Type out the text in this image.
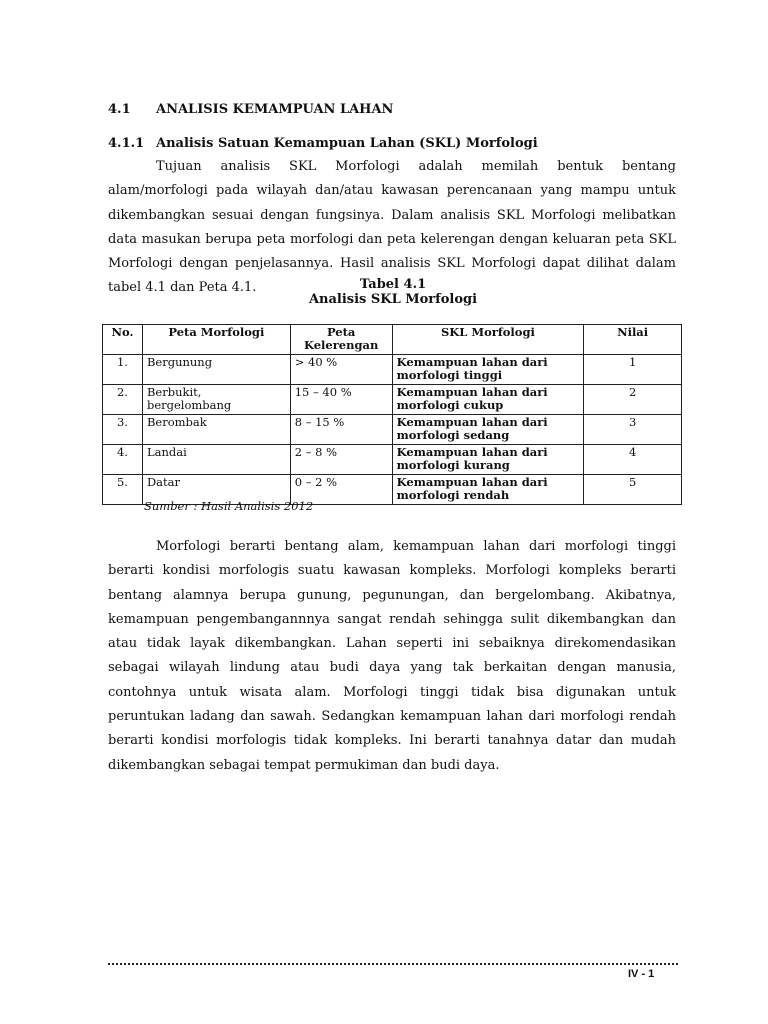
4.1 ANALISIS KEMAMPUAN LAHAN
4.1.1 Analisis Satuan Kemampuan Lahan (SKL) Morfologi

Tujuan analisis SKL Morfologi adalah memilah bentuk bentang alam/morfologi pada wilayah dan/atau kawasan perencanaan yang mampu untuk dikembangkan sesuai dengan fungsinya. Dalam analisis SKL Morfologi melibatkan data masukan berupa peta morfologi dan peta kelerengan dengan keluaran peta SKL Morfologi dengan penjelasannya. Hasil analisis SKL Morfologi dapat dilihat dalam tabel 4.1 dan Peta 4.1.	Tabel 4.1
Analisis SKL Morfologi
No.	Peta Morfologi	Peta Kelerengan	SKL Morfologi	Nilai
1.	Bergunung	> 40 %	Kemampuan lahan dari morfologi tinggi	1
2.	Berbukit, bergelombang	15 – 40 %	Kemampuan lahan dari morfologi cukup	2
3.	Berombak	8 – 15 %	Kemampuan lahan dari morfologi sedang	3
4.	Landai	2 – 8 %	Kemampuan lahan dari morfologi kurang	4
5.	Datar	0 – 2 %	Kemampuan lahan dari morfologi rendah	5
Sumber : Hasil Analisis 2012

Morfologi berarti bentang alam, kemampuan lahan dari morfologi tinggi berarti kondisi morfologis suatu kawasan kompleks. Morfologi kompleks berarti bentang alamnya berupa gunung, pegunungan, dan bergelombang. Akibatnya, kemampuan pengembangannnya sangat rendah sehingga sulit dikembangkan dan atau tidak layak dikembangkan. Lahan seperti ini sebaiknya direkomendasikan sebagai wilayah lindung atau budi daya yang tak berkaitan dengan manusia, contohnya untuk wisata alam. Morfologi tinggi tidak bisa digunakan untuk peruntukan ladang dan sawah. Sedangkan kemampuan lahan dari morfologi rendah berarti kondisi morfologis tidak kompleks. Ini berarti tanahnya datar dan mudah dikembangkan sebagai tempat permukiman dan budi daya.

IV - 1
